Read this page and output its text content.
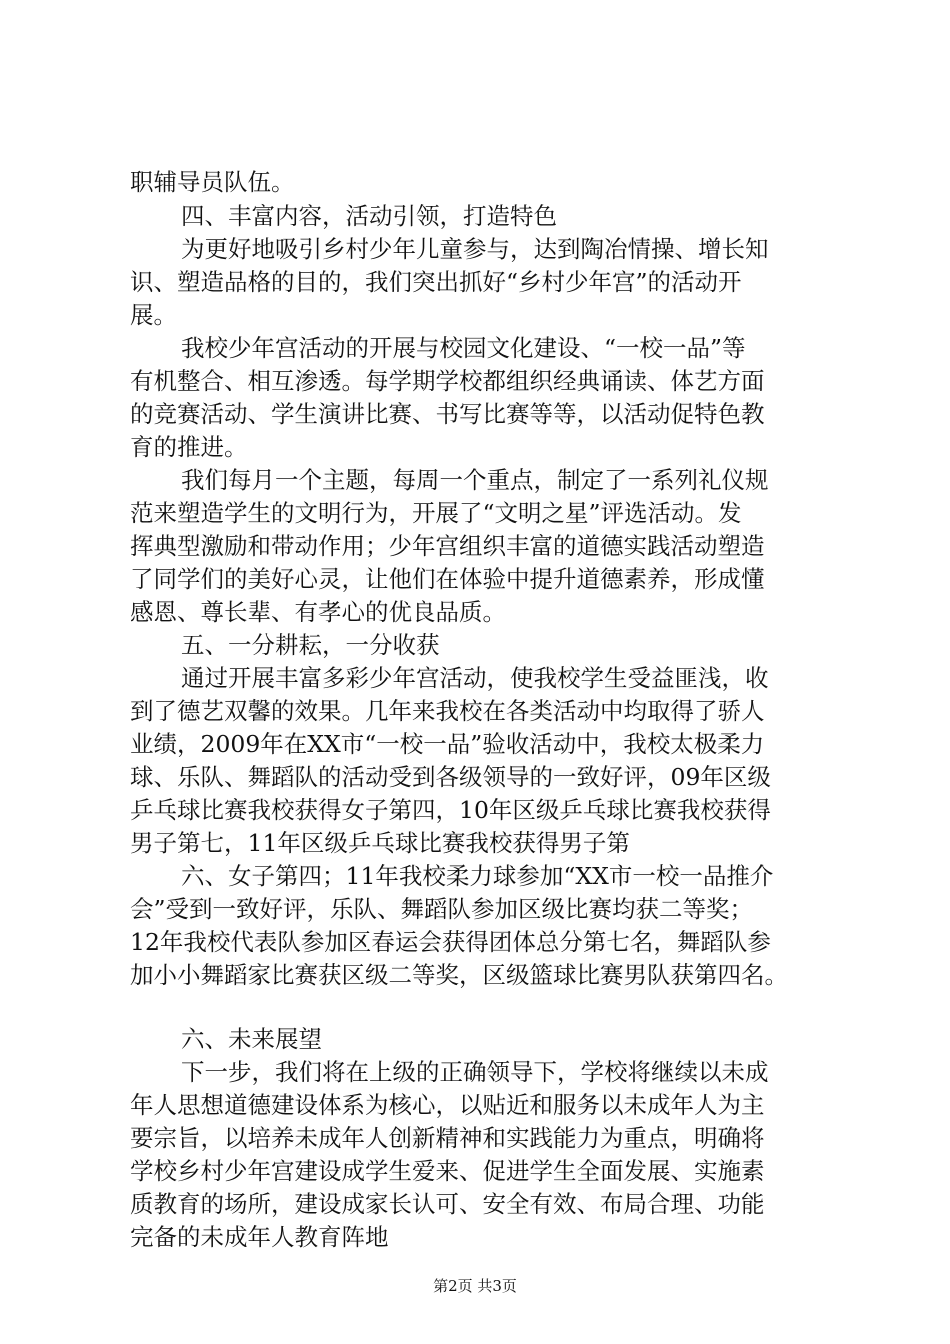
职辅导员队伍。
四、丰富内容，活动引领，打造特色
为更好地吸引乡村少年儿童参与，达到陶冶情操、增长知
识、塑造品格的目的，我们突出抓好“乡村少年宫”的活动开
展。
我校少年宫活动的开展与校园文化建设、“一校一品”等
有机整合、相互渗透。每学期学校都组织经典诵读、体艺方面
的竞赛活动、学生演讲比赛、书写比赛等等，以活动促特色教
育的推进。
我们每月一个主题，每周一个重点，制定了一系列礼仪规
范来塑造学生的文明行为，开展了“文明之星”评选活动。发
挥典型激励和带动作用；少年宫组织丰富的道德实践活动塑造
了同学们的美好心灵，让他们在体验中提升道德素养，形成懂
感恩、尊长辈、有孝心的优良品质。
五、一分耕耘，一分收获
通过开展丰富多彩少年宫活动，使我校学生受益匪浅，收
到了德艺双馨的效果。几年来我校在各类活动中均取得了骄人
业绩，2009年在XX市“一校一品”验收活动中，我校太极柔力
球、乐队、舞蹈队的活动受到各级领导的一致好评，09年区级
乒乓球比赛我校获得女子第四，10年区级乒乓球比赛我校获得
男子第七，11年区级乒乓球比赛我校获得男子第
六、女子第四；11年我校柔力球参加“XX市一校一品推介
会”受到一致好评，乐队、舞蹈队参加区级比赛均获二等奖；
12年我校代表队参加区春运会获得团体总分第七名，舞蹈队参
加小小舞蹈家比赛获区级二等奖，区级篮球比赛男队获第四名。
六、未来展望
下一步，我们将在上级的正确领导下，学校将继续以未成
年人思想道德建设体系为核心，以贴近和服务以未成年人为主
要宗旨，以培养未成年人创新精神和实践能力为重点，明确将
学校乡村少年宫建设成学生爱来、促进学生全面发展、实施素
质教育的场所，建设成家长认可、安全有效、布局合理、功能
完备的未成年人教育阵地
第2页 共3页
